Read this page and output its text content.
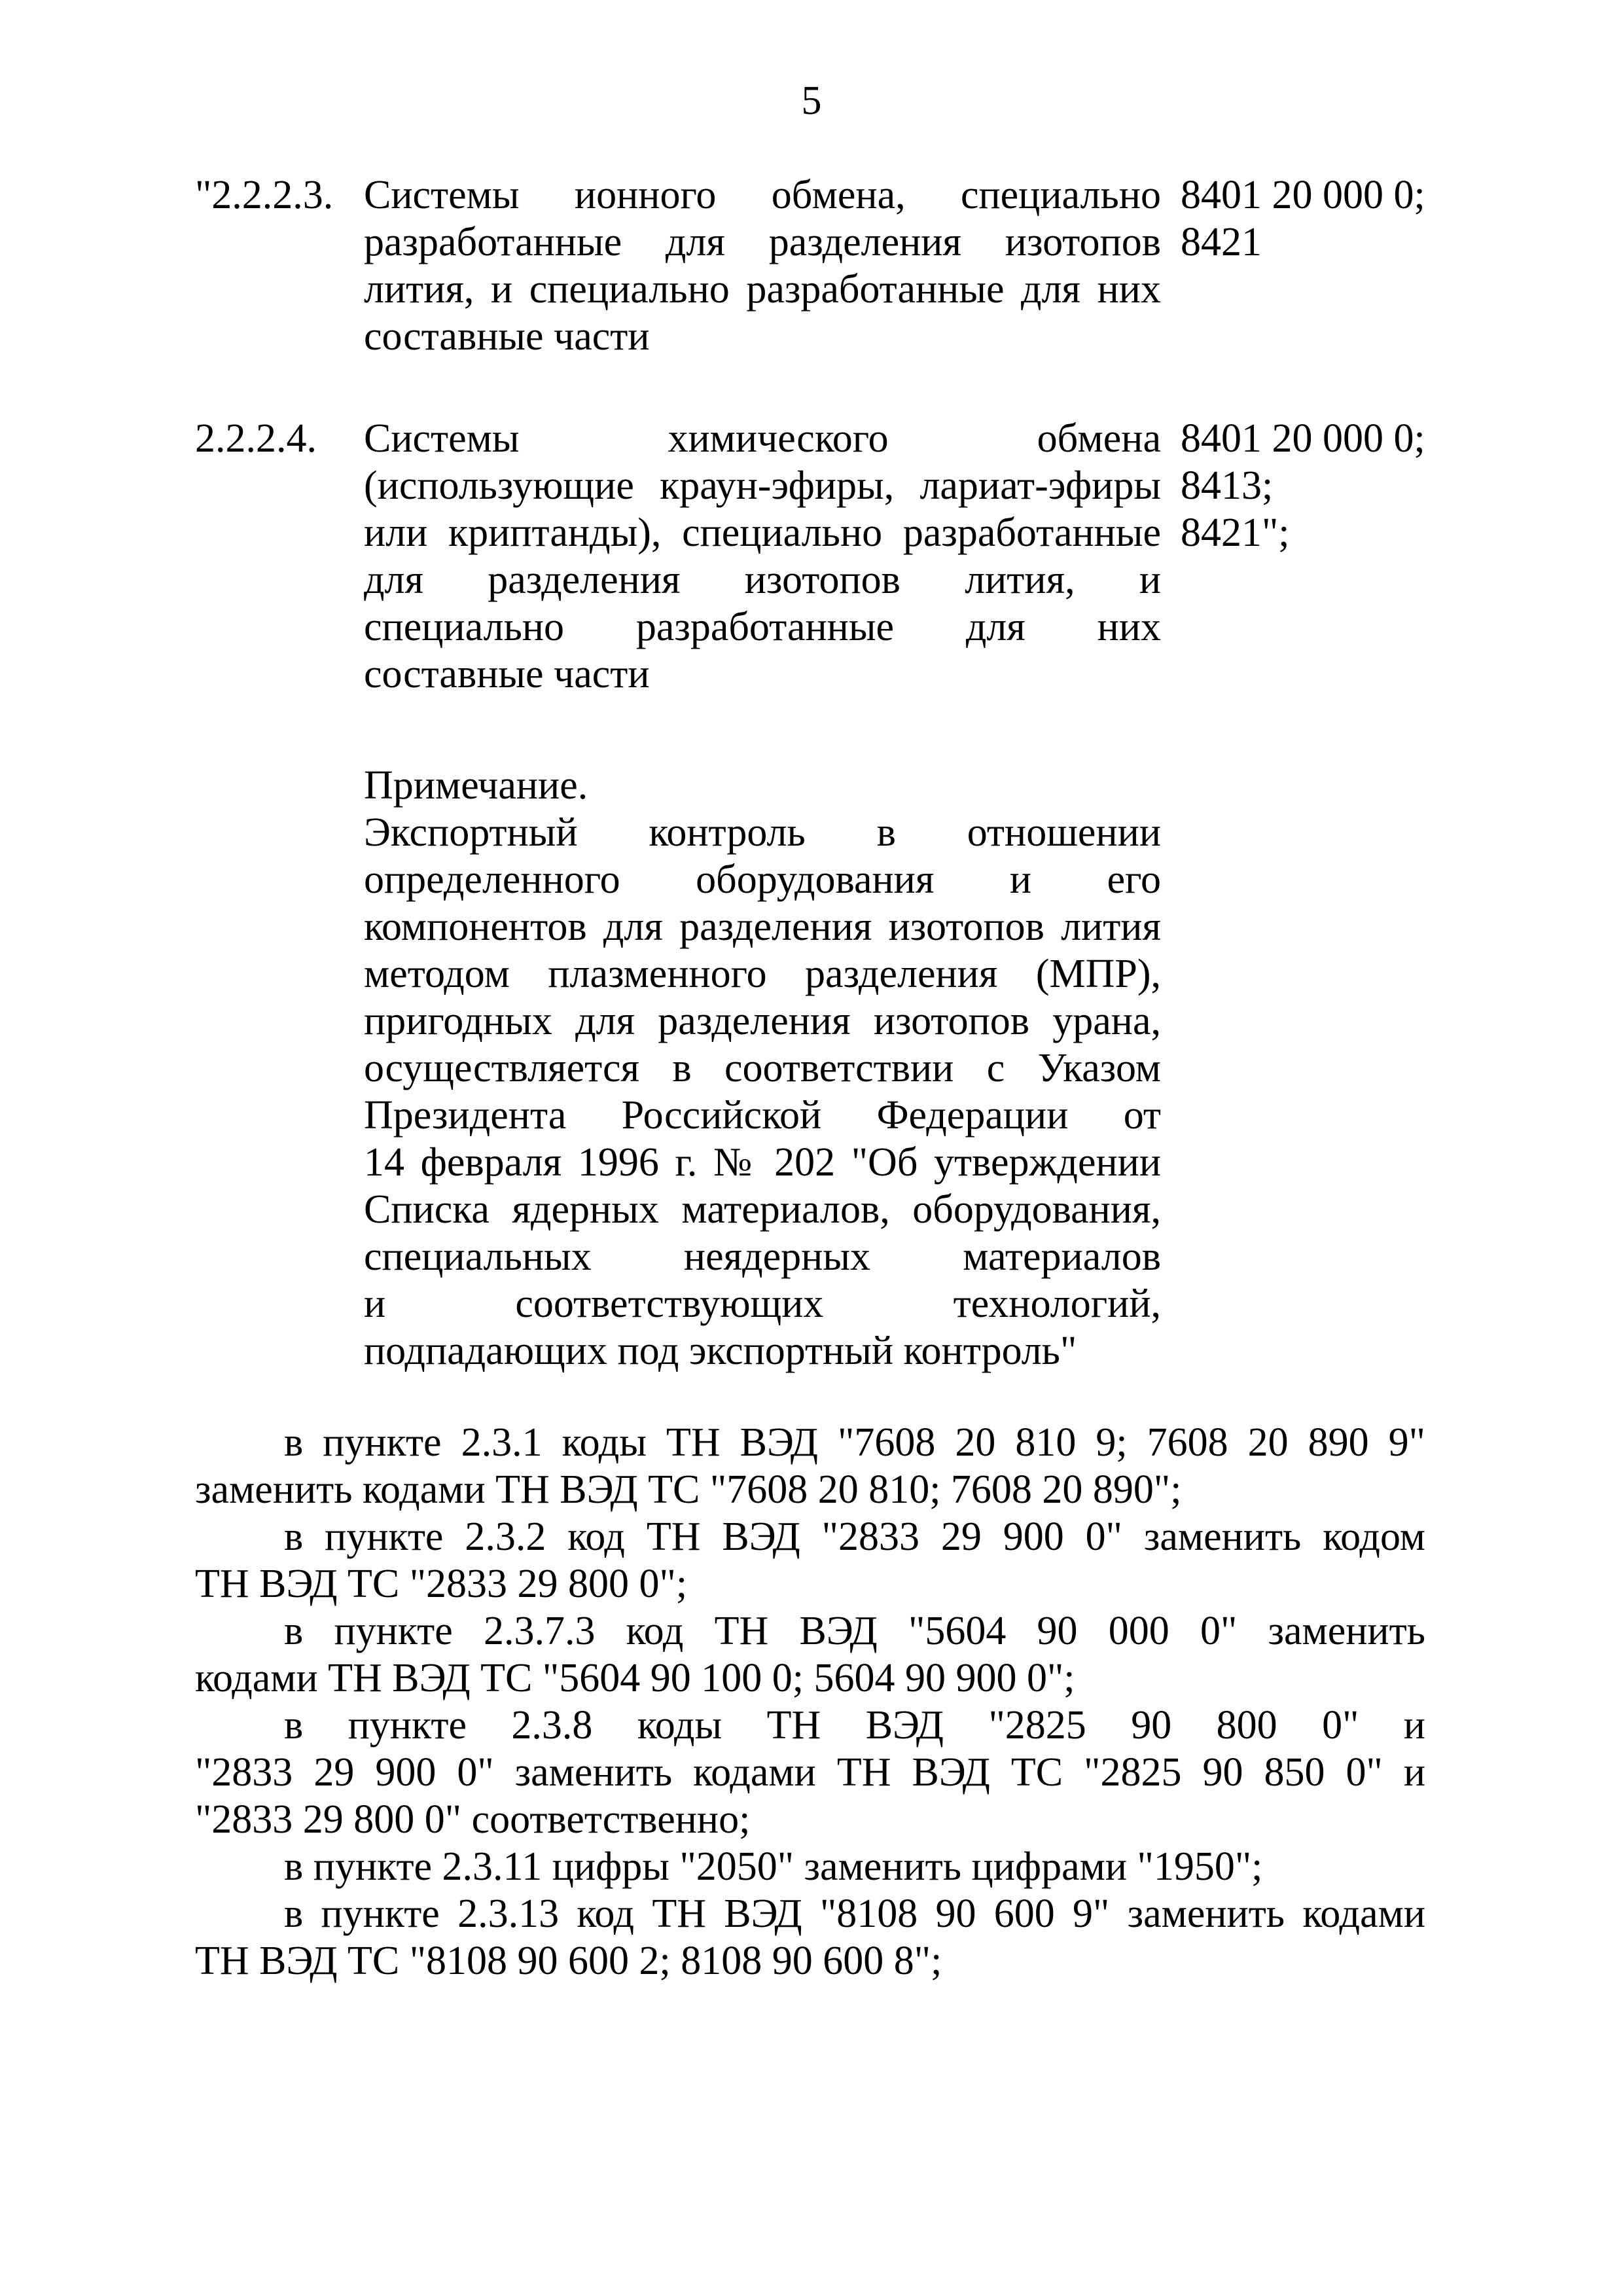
5
"2.2.2.3. Системы ионного обмена, специально
разработанные для разделения изотопов
лития, и специально разработанные для них
составные части
8401 20 000 0;
8421
2.2.2.4.	Системы химического обмена
(использующие краун-эфиры, лариат-эфиры
или криптанды), специально разработанные
для разделения изотопов лития, и
специально разработанные для них
составные части
8401 20 000 0;
8413;
8421";
Примечание.
Экспортный контроль в отношении
определенного оборудования и его
компонентов для разделения изотопов лития
методом плазменного разделения (МПР),
пригодных для разделения изотопов урана,
осуществляется в соответствии с Указом
Президента Российской Федерации от
14 февраля 1996 г. № 202 "Об утверждении
Списка ядерных материалов, оборудования,
специальных неядерных материалов
и соответствующих технологий,
подпадающих под экспортный контроль"
в пункте 2.3.1 коды ТН ВЭД "7608 20 810 9; 7608 20 890 9"
заменить кодами ТН ВЭД ТС "7608 20 810; 7608 20 890";
в пункте 2.3.2 код ТН ВЭД "2833 29 900 0" заменить кодом
ТН ВЭД ТС "2833 29 800 0";
в пункте 2.3.7.3 код ТН ВЭД "5604 90 000 0" заменить
кодами ТН ВЭД ТС "5604 90 100 0; 5604 90 900 0";
в пункте 2.3.8 коды ТН ВЭД "2825 90 800 0" и
"2833 29 900 0" заменить кодами ТН ВЭД ТС "2825 90 850 0" и
"2833 29 800 0" соответственно;
в пункте 2.3.11 цифры "2050" заменить цифрами "1950";
в пункте 2.3.13 код ТН ВЭД "8108 90 600 9" заменить кодами
ТН ВЭД ТС "8108 90 600 2; 8108 90 600 8";
